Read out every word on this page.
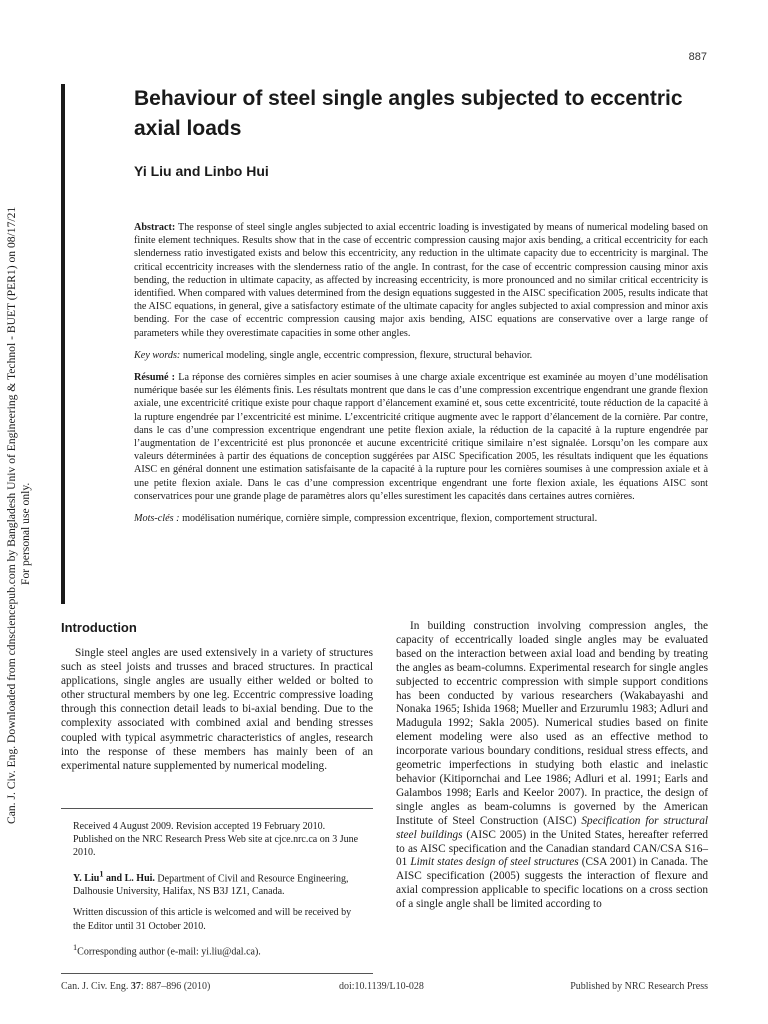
887
Behaviour of steel single angles subjected to eccentric axial loads
Yi Liu and Linbo Hui
Can. J. Civ. Eng. Downloaded from cdnsciencepub.com by Bangladesh Univ of Engineering & Technol - BUET (PER1) on 08/17/21 For personal use only.

Abstract: The response of steel single angles subjected to axial eccentric loading is investigated by means of numerical modeling based on finite element techniques. Results show that in the case of eccentric compression causing major axis bending, a critical eccentricity for each slenderness ratio investigated exists and below this eccentricity, any reduction in the ultimate capacity due to eccentricity is marginal. The critical eccentricity increases with the slenderness ratio of the angle. In contrast, for the case of eccentric compression causing minor axis bending, the reduction in ultimate capacity, as affected by increasing eccentricity, is more pronounced and no similar critical eccentricity is identified. When compared with values determined from the design equations suggested in the AISC specification 2005, results indicate that the AISC equations, in general, give a satisfactory estimate of the ultimate capacity for angles subjected to axial compression and minor axis bending. For the case of eccentric compression causing major axis bending, AISC equations are conservative over a large range of parameters while they overestimate capacities in some other angles.

Key words: numerical modeling, single angle, eccentric compression, flexure, structural behavior.

Résumé : La réponse des cornières simples en acier soumises à une charge axiale excentrique est examinée au moyen d’une modélisation numérique basée sur les éléments finis. Les résultats montrent que dans le cas d’une compression excentrique engendrant une grande flexion axiale, une excentricité critique existe pour chaque rapport d’élancement examiné et, sous cette excentricité, toute réduction de la capacité à la rupture engendrée par l’excentricité est minime. L’excentricité critique augmente avec le rapport d’élancement de la cornière. Par contre, dans le cas d’une compression excentrique engendrant une petite flexion axiale, la réduction de la capacité à la rupture engendrée par l’augmentation de l’excentricité est plus prononcée et aucune excentricité critique similaire n’est signalée. Lorsqu’on les compare aux valeurs déterminées à partir des équations de conception suggérées par AISC Specification 2005, les résultats indiquent que les équations AISC en général donnent une estimation satisfaisante de la capacité à la rupture pour les cornières soumises à une compression axiale et à une petite flexion axiale. Dans le cas d’une compression excentrique engendrant une forte flexion axiale, les équations AISC sont conservatrices pour une grande plage de paramètres alors qu’elles surestiment les capacités dans certaines autres cornières.

Mots-clés : modélisation numérique, cornière simple, compression excentrique, flexion, comportement structural.

Introduction

Single steel angles are used extensively in a variety of structures such as steel joists and trusses and braced structures. In practical applications, single angles are usually either welded or bolted to other structural members by one leg. Eccentric compressive loading through this connection detail leads to bi-axial bending. Due to the complexity associated with combined axial and bending stresses coupled with typical asymmetric characteristics of angles, research into the response of these members has mainly been of an experimental nature supplemented by numerical modeling.

Received 4 August 2009. Revision accepted 19 February 2010. Published on the NRC Research Press Web site at cjce.nrc.ca on 3 June 2010.

Y. Liu$^1$ and L. Hui. Department of Civil and Resource Engineering, Dalhousie University, Halifax, NS B3J 1Z1, Canada.

Written discussion of this article is welcomed and will be received by the Editor until 31 October 2010.

$^1$Corresponding author (e-mail: yi.liu@dal.ca).

In building construction involving compression angles, the capacity of eccentrically loaded single angles may be evaluated based on the interaction between axial load and bending by treating the angles as beam-columns. Experimental research for single angles subjected to eccentric compression with simple support conditions has been conducted by various researchers (Wakabayashi and Nonaka 1965; Ishida 1968; Mueller and Erzurumlu 1983; Adluri and Madugula 1992; Sakla 2005). Numerical studies based on finite element modeling were also used as an effective method to incorporate various boundary conditions, residual stress effects, and geometric imperfections in studying both elastic and inelastic behavior (Kitipornchai and Lee 1986; Adluri et al. 1991; Earls and Galambos 1998; Earls and Keelor 2007). In practice, the design of single angles as beam-columns is governed by the American Institute of Steel Construction (AISC) Specification for structural steel buildings (AISC 2005) in the United States, hereafter referred to as AISC specification and the Canadian standard CAN/CSA S16–01 Limit states design of steel structures (CSA 2001) in Canada. The AISC specification (2005) suggests the interaction of flexure and axial compression applicable to specific locations on a cross section of a single angle shall be limited according to

Can. J. Civ. Eng. 37: 887–896 (2010)	doi:10.1139/L10-028	Published by NRC Research Press
